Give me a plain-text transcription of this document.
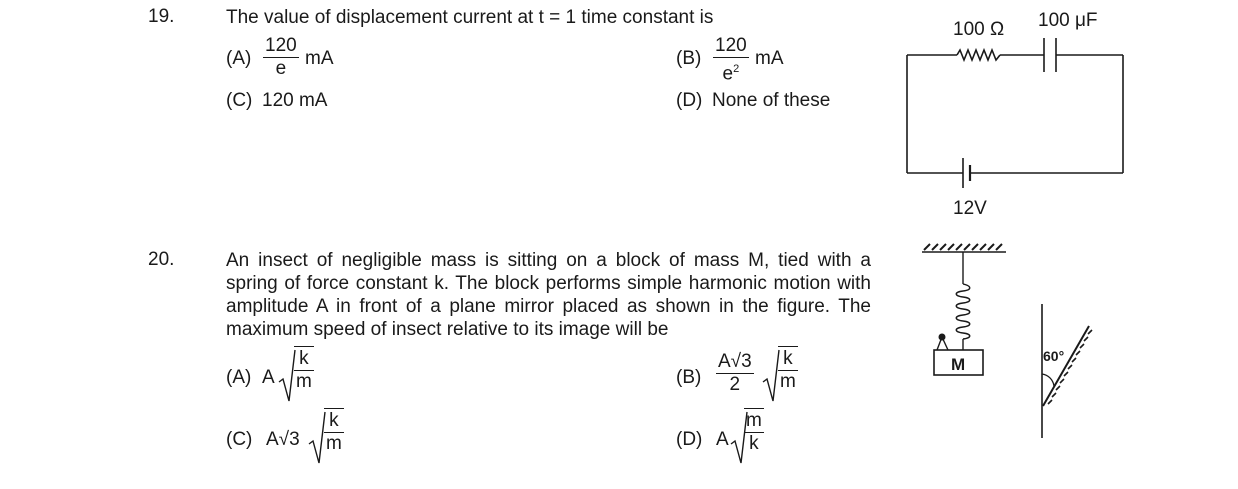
19.	The value of displacement current at t = 1 time constant is
$(A) \frac{120}{e}$ mA	$(B) \frac{120}{e^2}$ mA
(C) 120 mA	(D) None of these
100 Ω 100 μF
12V
20.	An insect of negligible mass is sitting on a block of mass M, tied with a spring of force constant k. The block performs simple harmonic motion with amplitude A in front of a plane mirror placed as shown in the figure. The maximum speed of insect relative to its image will be
(A) A $\frac{k}{m}$	$(B) \frac{A√3}{2} \frac{k}{m}$
(C) $A√3 \frac{k}{m}$	(D) A $\frac{m}{k}$
M	60°
